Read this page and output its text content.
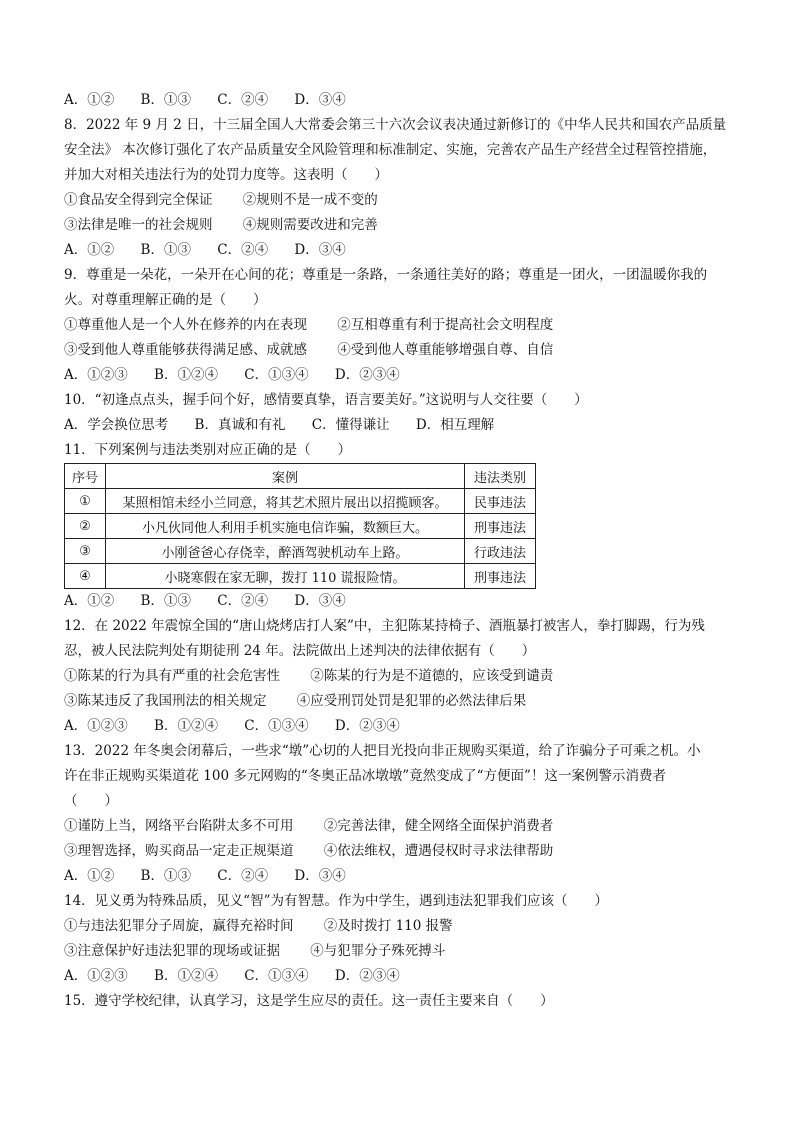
A．①② B．①③ C．②④ D．③④
8．2022 年 9 月 2 日，十三届全国人大常委会第三十六次会议表决通过新修订的《中华人民共和国农产品质量
安全法》 本次修订强化了农产品质量安全风险管理和标准制定、实施，完善农产品生产经营全过程管控措施，
并加大对相关违法行为的处罚力度等。这表明（　　）
①食品安全得到完全保证 ②规则不是一成不变的
③法律是唯一的社会规则 ④规则需要改进和完善
A．①② B．①③ C．②④ D．③④
9．尊重是一朵花，一朵开在心间的花；尊重是一条路，一条通往美好的路；尊重是一团火，一团温暖你我的
火。对尊重理解正确的是（　　）
①尊重他人是一个人外在修养的内在表现 ②互相尊重有利于提高社会文明程度
③受到他人尊重能够获得满足感、成就感 ④受到他人尊重能够增强自尊、自信
A．①②③ B．①②④ C．①③④ D．②③④
10．“初逢点点头，握手问个好，感情要真挚，语言要美好。”这说明与人交往要（　　）
A．学会换位思考 B．真诚和有礼 C．懂得谦让 D．相互理解
11．下列案例与违法类别对应正确的是（　　）
序号	案例	违法类别
①	某照相馆未经小兰同意，将其艺术照片展出以招揽顾客。	民事违法
②	小凡伙同他人利用手机实施电信诈骗，数额巨大。	刑事违法
③	小刚爸爸心存侥幸，醉酒驾驶机动车上路。	行政违法
④	小晓寒假在家无聊，拨打 110 谎报险情。	刑事违法
A．①② B．①③ C．②④ D．③④
12．在 2022 年震惊全国的“唐山烧烤店打人案”中，主犯陈某持椅子、酒瓶暴打被害人，拳打脚踢，行为残
忍，被人民法院判处有期徒刑 24 年。法院做出上述判决的法律依据有（　　）
①陈某的行为具有严重的社会危害性 ②陈某的行为是不道德的，应该受到谴责
③陈某违反了我国刑法的相关规定 ④应受刑罚处罚是犯罪的必然法律后果
A．①②③ B．①②④ C．①③④ D．②③④
13．2022 年冬奥会闭幕后，一些求“墩”心切的人把目光投向非正规购买渠道，给了诈骗分子可乘之机。小
许在非正规购买渠道花 100 多元网购的“冬奥正品冰墩墩”竟然变成了“方便面”！这一案例警示消费者
（　　）
①谨防上当，网络平台陷阱太多不可用 ②完善法律，健全网络全面保护消费者
③理智选择，购买商品一定走正规渠道 ④依法维权，遭遇侵权时寻求法律帮助
A．①② B．①③ C．②④ D．③④
14．见义勇为特殊品质，见义“智”为有智慧。作为中学生，遇到违法犯罪我们应该（　　）
①与违法犯罪分子周旋，赢得充裕时间 ②及时拨打 110 报警
③注意保护好违法犯罪的现场或证据 ④与犯罪分子殊死搏斗
A．①②③ B．①②④ C．①③④ D．②③④
15．遵守学校纪律，认真学习，这是学生应尽的责任。这一责任主要来自（　　）
